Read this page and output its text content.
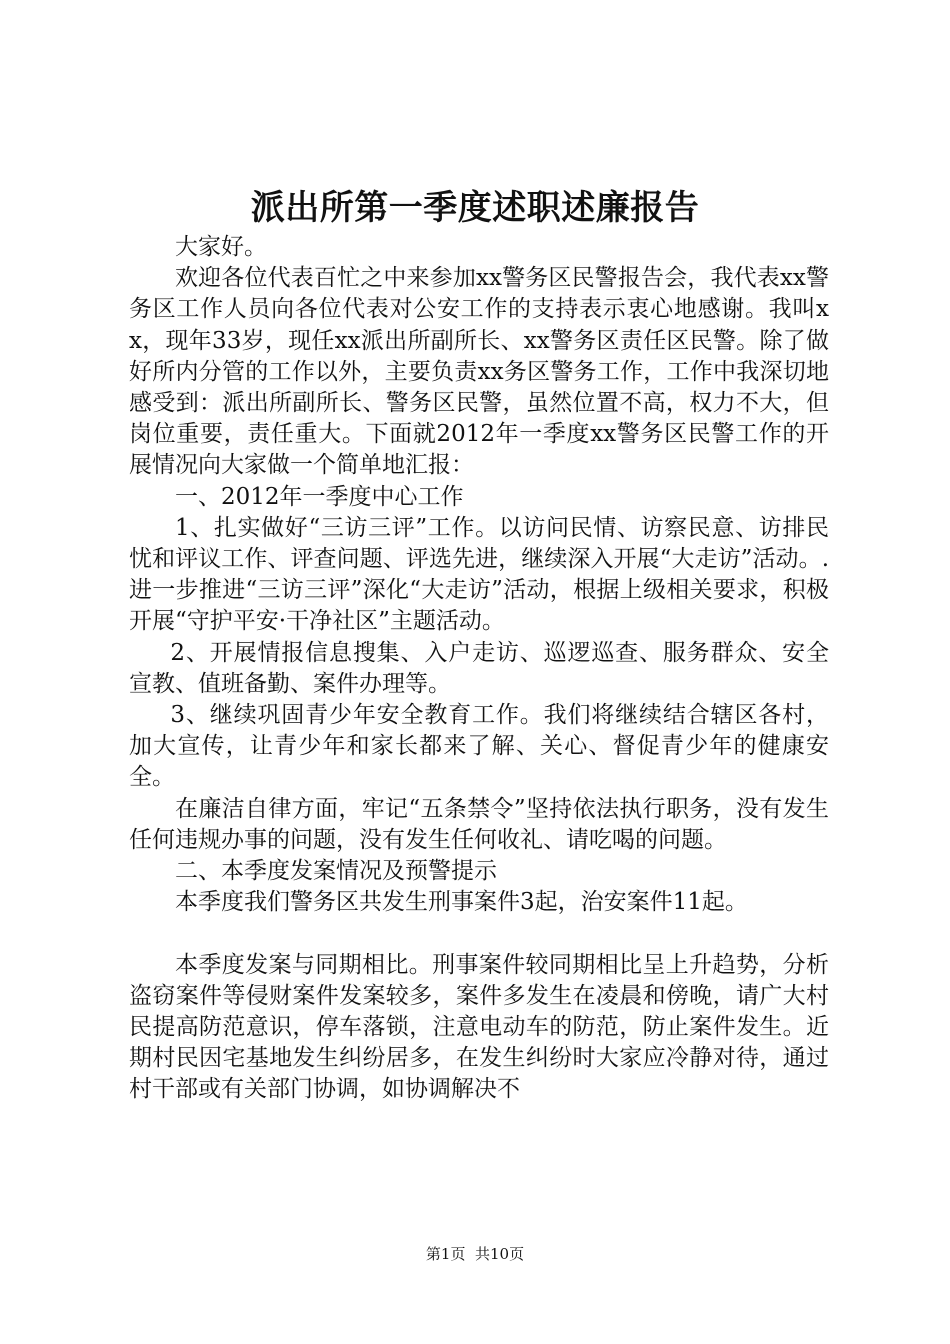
派出所第一季度述职述廉报告

大家好。

欢迎各位代表百忙之中来参加xx警务区民警报告会，我代表xx警务区工作人员向各位代表对公安工作的支持表示衷心地感谢。我叫xx，现年33岁，现任xx派出所副所长、xx警务区责任区民警。除了做好所内分管的工作以外，主要负责xx务区警务工作，工作中我深切地感受到：派出所副所长、警务区民警，虽然位置不高，权力不大，但岗位重要，责任重大。下面就2012年一季度xx警务区民警工作的开展情况向大家做一个简单地汇报：

一、2012年一季度中心工作

1、扎实做好“三访三评”工作。以访问民情、访察民意、访排民忧和评议工作、评查问题、评选先进，继续深入开展“大走访”活动。.进一步推进“三访三评”深化“大走访”活动，根据上级相关要求，积极开展“守护平安·干净社区”主题活动。

2、开展情报信息搜集、入户走访、巡逻巡查、服务群众、安全宣教、值班备勤、案件办理等。

3、继续巩固青少年安全教育工作。我们将继续结合辖区各村，加大宣传，让青少年和家长都来了解、关心、督促青少年的健康安全。

在廉洁自律方面，牢记“五条禁令”坚持依法执行职务，没有发生任何违规办事的问题，没有发生任何收礼、请吃喝的问题。

二、本季度发案情况及预警提示

本季度我们警务区共发生刑事案件3起，治安案件11起。

本季度发案与同期相比。刑事案件较同期相比呈上升趋势，分析盗窃案件等侵财案件发案较多，案件多发生在凌晨和傍晚，请广大村民提高防范意识，停车落锁，注意电动车的防范，防止案件发生。近期村民因宅基地发生纠纷居多，在发生纠纷时大家应冷静对待，通过村干部或有关部门协调，如协调解决不

第1页 共10页
